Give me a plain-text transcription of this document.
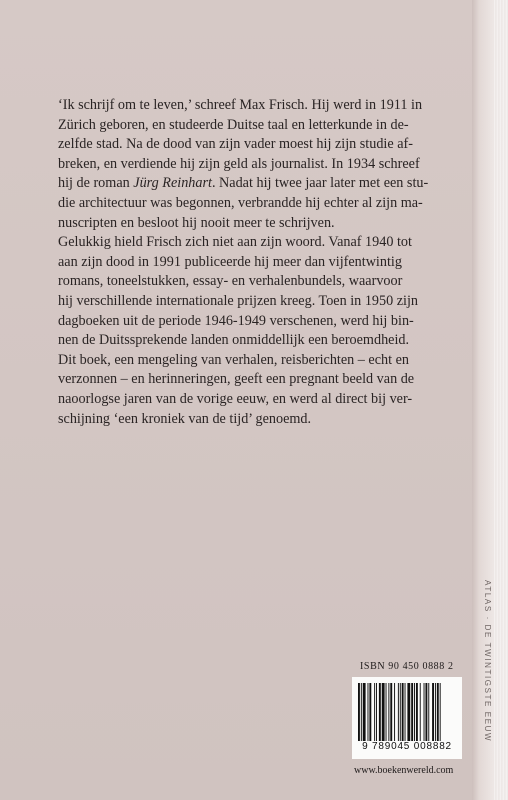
ATLAS · DE TWINTIGSTE EEUW

‘Ik schrijf om te leven,’ schreef Max Frisch. Hij werd in 1911 in
Zürich geboren, en studeerde Duitse taal en letterkunde in de-
zelfde stad. Na de dood van zijn vader moest hij zijn studie af-
breken, en verdiende hij zijn geld als journalist. In 1934 schreef
hij de roman Jürg Reinhart. Nadat hij twee jaar later met een stu-
die architectuur was begonnen, verbrandde hij echter al zijn ma-
nuscripten en besloot hij nooit meer te schrijven.
Gelukkig hield Frisch zich niet aan zijn woord. Vanaf 1940 tot
aan zijn dood in 1991 publiceerde hij meer dan vijfentwintig
romans, toneelstukken, essay- en verhalenbundels, waarvoor
hij verschillende internationale prijzen kreeg. Toen in 1950 zijn
dagboeken uit de periode 1946-1949 verschenen, werd hij bin-
nen de Duitssprekende landen onmiddellijk een beroemdheid.
Dit boek, een mengeling van verhalen, reisberichten – echt en
verzonnen – en herinneringen, geeft een pregnant beeld van de
naoorlogse jaren van de vorige eeuw, en werd al direct bij ver-
schijning ‘een kroniek van de tijd’ genoemd.

ISBN 90 450 0888 2
9 789045 008882
www.boekenwereld.com
